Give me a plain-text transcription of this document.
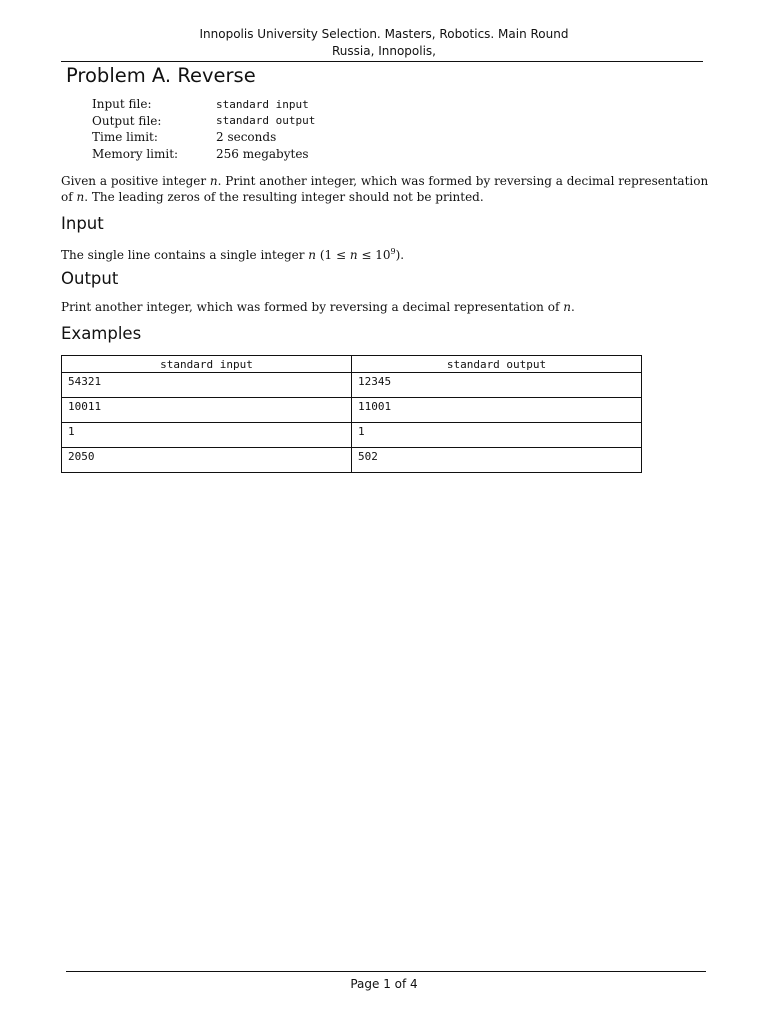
Innopolis University Selection. Masters, Robotics. Main Round
Russia, Innopolis,
Problem A. Reverse
Input file:	standard input
Output file:	standard output
Time limit:	2 seconds
Memory limit:	256 megabytes

Given a positive integer n. Print another integer, which was formed by reversing a decimal representation
of n. The leading zeros of the resulting integer should not be printed.

Input

The single line contains a single integer n $(1 \le n \le 10^9)$.

Output

Print another integer, which was formed by reversing a decimal representation of n.

Examples
standard input	standard output
54321	12345
10011	11001
1	1
2050	502
Page 1 of 4
